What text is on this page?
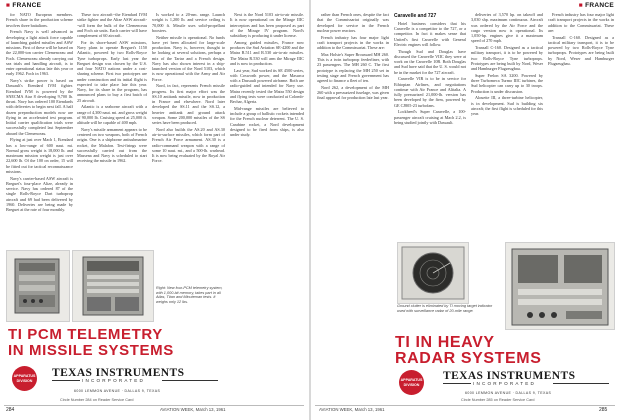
■ FRANCE

for NATO European members. French share in the production scheme involves three battalions.

French Navy is well advanced in developing a light attack force capable of launching guided missiles and ASW missions. First of these will be based on the 22,000-ton carrier Clemenceau and Foch. Clemenceau already carrying out sea trials and handling aircraft, is to enter operational status late this year or early 1962. Foch in 1963.

Navy's strike power is based on Dassault's Etendard IVM fighter. Etendard IVM is powered by the SNECMA Atar 8 developing 9,700 lb. thrust. Navy has ordered 100 Etendards with deliveries to begin next fall. A half dozen preproduction models now are flying in an accelerated test program. Initial carrier qualification trials were successfully completed last September aboard the Clemenceau.

Flying at just over Mach 1, Etendard has a low-range of 600 naut. mi. Normal gross weight is 18,000 lb. and maximum mission weight is just over 22,600 lb. Of the 100 on order, 15 will be fitted out for tactical reconnaissance missions.

Navy's carrier-based ASW aircraft is Breguet's four-place Alize, already in service. Navy has ordered 87 of the single Rolls-Royce Dart turboprop aircraft and 69 had been delivered by 1960. Deliveries are being made by Breguet at the rate of four monthly.

These two aircraft--the Etendard IVM strike fighter and the Alize ASW aircraft--will form the bulk of the Clemenceau and Foch air units. Each carrier will have complement of 60 aircraft.

For its shore-based ASW missions, Navy plans to operate Breguet's 1150 Atlantic, powered by two Rolls-Royce Tyne turboprops. Early last year the Breguet design was chosen by the U.S. and four NATO nations under a cost-sharing scheme. First two prototypes are under construction and its initial flight is expected to take place late this year. Navy, for its share in the program, has announced plans to buy a first batch of 25 aircraft.

Atlantic is a seaborne aircraft with a range of 4,300 naut. mi. and gross weight of 90,000 lb. Cruising speed at 25,000 ft. altitude will be capable of 400 mph.

Navy's missile armament appears to be centered on two weapons, both of French origin. One is a shipborne antisubmarine rocket, the Malafon. Test-firings were successfully carried out from the Massena and Navy is scheduled to start receiving the missile in 1962.

Is worked to a 20-nm. range. Launch weight is 1,200 lb. and service ceiling is 70,000 ft. Missile uses solid-propellant boosters.

Neither missile is operational. No funds have yet been allocated for large-scale production. Navy is, however, thought to be looking at several solutions, perhaps a mix of the Tartar and a French design. Navy has also shown interest in a ship-launched version of the Nord 5103, which is now operational with the Army and Air Force.

Nord, in fact, represents French missile progress. Its first major effort was the SS.10 antitank missile, now in production in France and elsewhere. Nord later developed the SS.11 and the SS.12, a heavier antitank and ground attack weapon. Some 200,000 missiles of the SS series have been produced.

Nord also builds the AS.20 and AS.30 air-to-surface missiles, which form part of French Air Force armament. AS.30 is a radio-command weapon with a range of some 10 naut. mi., and a 500-lb. warhead. It is now being evaluated by the Royal Air Force.

Next is the Nord 5103 air-to-air missile. It is now operational on the Mirage IIIC interceptors and has been proposed as part of the Mirage IV program. Nord's subsidiary is producing it under license.

Among guided missiles, France now produces the Sud Aviation SE-4200 and the Matra R.511 and R.530 air-to-air missiles. The Matra R.530 will arm the Mirage IIIC and is now in production.

Last year, Sud worked its SE 4500 series, with Cosworth power, and the Masurca with a Dassault powered airframe. Both are radio-guided and intended for Navy use. Matra recently tested the Matra 550 design and flying tests were conducted at Colomb-Bechar, Algeria.

Mid-range missiles are believed to include a group of ballistic rockets intended for the French nuclear deterrent. The U. S. Carabine rocket, a Nord development designed to be fired from ships, is also under study.

Right: New four-PCM telemetry system, with 1,000-bit memory, takes part in all Atlas, Titan and Minuteman tests. It weighs only 12 lbs.
TI PCM TELEMETRY
IN MISSILE SYSTEMS
APPARATUS DIVISION
TEXAS INSTRUMENTS
INCORPORATED
6000 LEMMON AVENUE · DALLAS 9, TEXAS
Circle Number 284 on Reader Service Card
284	AVIATION WEEK, March 13, 1961
■ FRANCE

rather than French ones, despite the fact that the Commissariat originally was developed for service in the French nuclear power reactors.

French industry has four major light craft transport projects in the works in addition to the Commissariat. These are:

Max Holste's Super Broussard MH 260. This is a twin turboprop feederliner, with 23 passengers. The MH 260 C. The first prototype is replacing the MH 250 set in testing stage and French government has agreed to finance a fleet of ten.

Nord 262, a development of the MH 260 with a pressurized fuselage, was given final approval for production late last year.

Caravelle and 727

Hotel business considers that his Caravelle is a competitor to the 727, or a competitor. In fact it makes sense that United's first Caravelle with General Electric engines will follow.

Though Sud and Douglas have discussed the Caravelle VIIC they were at work on the Caravelle 10B. Both Douglas and Sud have said that the U. S. would not be in the market for the 727 aircraft.

Caravelle VIR is to be in service for Ethiopian Airlines, and negotiations continue with Air France and Alitalia. A fully pressurized 21,000-lb. version has been developed by the firm, powered by GE CJ805-23 turbofans.

Lockheed's Super Caravelle, a 100-passenger aircraft cruising at Mach 2.2, is being studied jointly with Dassault.

deliveries of 3,570 hp. on takeoff and 3,030 shp. maximum continuous. Aircraft was ordered by the Air Force and the cargo version now is operational. Its 1,050-hp. engines give it a maximum speed of 270 mph.

Transall C-160. Designed as a tactical military transport, it is to be powered by two Rolls-Royce Tyne turboprops. Prototypes are being built by Nord, Weser and Hamburger Flugzeugbau.

Super Frelon SA 3200. Powered by three Turbomeca Turmo IIIC turbines, the Sud helicopter can carry up to 30 troops. Production is under discussion.

Alouette III, a three-turbine helicopter, is in development. Sud is building six aircraft; the first flight is scheduled for this year.

French industry has four major light craft transport projects in the works in addition to the Commissariat. These are:

Transall C-160. Designed as a tactical military transport, it is to be powered by two Rolls-Royce Tyne turboprops. Prototypes are being built by Nord, Weser and Hamburger Flugzeugbau.

Ground clutter is eliminated by TI moving target indicator used with surveillance radar of 20-mile range.
TI IN HEAVY
RADAR SYSTEMS
APPARATUS DIVISION
TEXAS INSTRUMENTS
INCORPORATED
6000 LEMMON AVENUE · DALLAS 9, TEXAS
Circle Number 285 on Reader Service Card
AVIATION WEEK, March 13, 1961	285
